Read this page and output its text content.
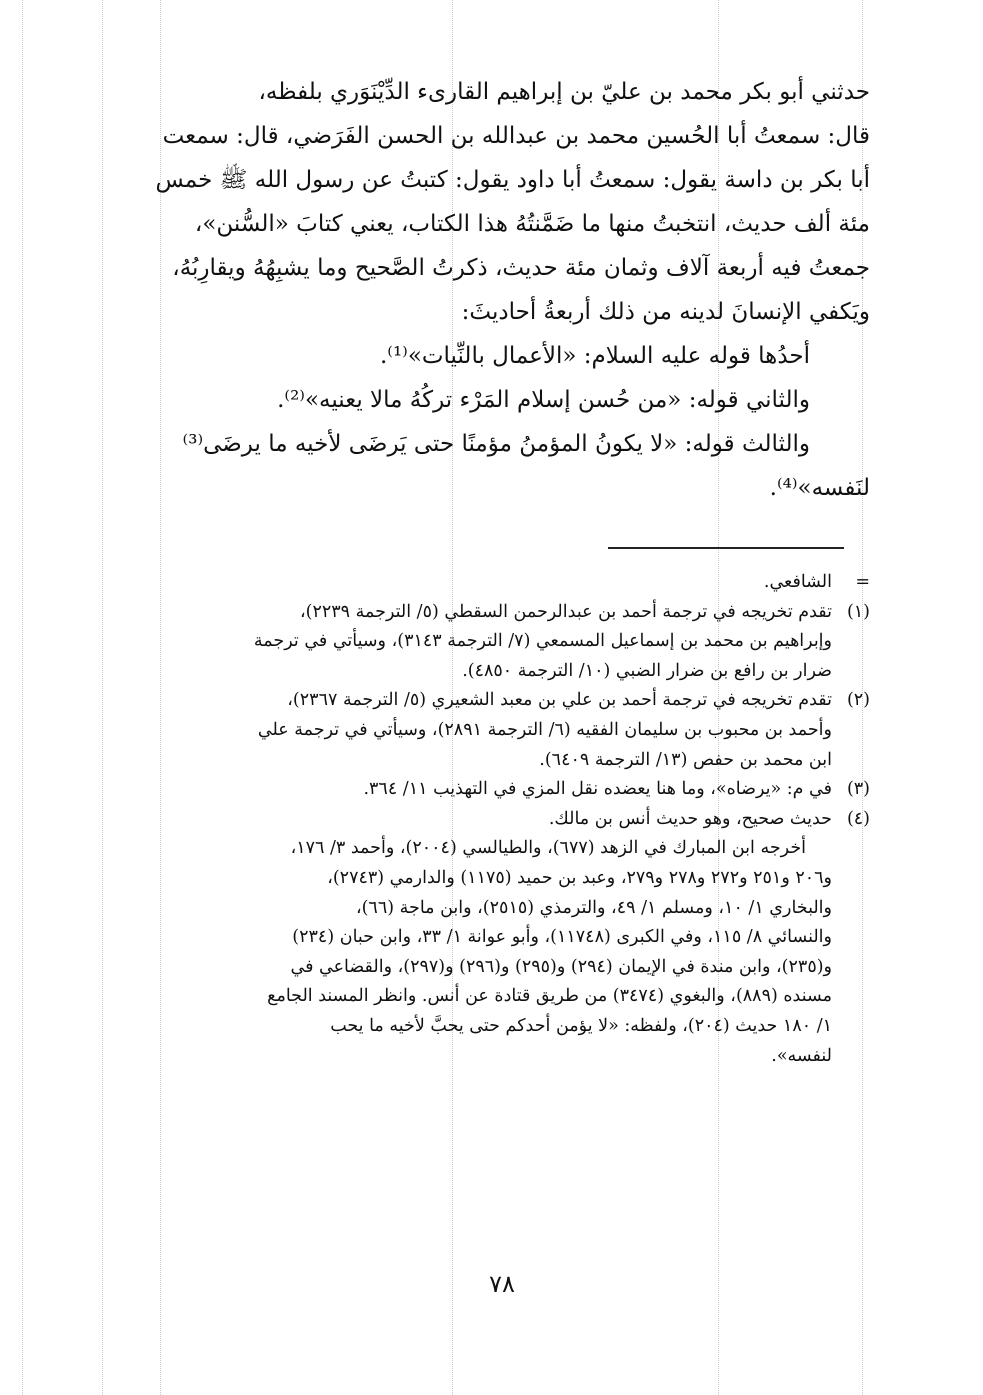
حدثني أبو بكر محمد بن عليّ بن إبراهيم القارىء الدِّيْنَوَري بلفظه،

قال: سمعتُ أبا الحُسين محمد بن عبدالله بن الحسن الفَرَضي، قال: سمعت

أبا بكر بن داسة يقول: سمعتُ أبا داود يقول: كتبتُ عن رسول الله ﷺ خمس

مئة ألف حديث، انتخبتُ منها ما ضَمَّنتُهُ هذا الكتاب، يعني كتابَ «السُّنن»،

جمعتُ فيه أربعة آلاف وثمان مئة حديث، ذكرتُ الصَّحيح وما يشبِهُهُ ويقارِبُهُ،

ويَكفي الإنسانَ لدينه من ذلك أربعةُ أحاديثَ:

أحدُها قوله عليه السلام: «الأعمال بالنِّيات»⁽¹⁾.

والثاني قوله: «من حُسن إسلام المَرْء تركُهُ مالا يعنيه»⁽²⁾.

والثالث قوله: «لا يكونُ المؤمنُ مؤمنًا حتى يَرضَى لأخيه ما يرضَى⁽³⁾

لنَفسه»⁽⁴⁾.

=
الشافعي.
(١)

تقدم تخريجه في ترجمة أحمد بن عبدالرحمن السقطي (٥/ الترجمة ٢٢٣٩)،

وإبراهيم بن محمد بن إسماعيل المسمعي (٧/ الترجمة ٣١٤٣)، وسيأتي في ترجمة

ضرار بن رافع بن ضرار الضبي (١٠/ الترجمة ٤٨٥٠).

(٢)

تقدم تخريجه في ترجمة أحمد بن علي بن معبد الشعيري (٥/ الترجمة ٢٣٦٧)،

وأحمد بن محبوب بن سليمان الفقيه (٦/ الترجمة ٢٨٩١)، وسيأتي في ترجمة علي

ابن محمد بن حفص (١٣/ الترجمة ٦٤٠٩).

(٣)

في م: «يرضاه»، وما هنا يعضده نقل المزي في التهذيب ١١/ ٣٦٤.

(٤)

حديث صحيح، وهو حديث أنس بن مالك.

أخرجه ابن المبارك في الزهد (٦٧٧)، والطيالسي (٢٠٠٤)، وأحمد ٣/ ١٧٦،

و٢٠٦ و٢٥١ و٢٧٢ و٢٧٨ و٢٧٩، وعبد بن حميد (١١٧٥) والدارمي (٢٧٤٣)،

والبخاري ١/ ١٠، ومسلم ١/ ٤٩، والترمذي (٢٥١٥)، وابن ماجة (٦٦)،

والنسائي ٨/ ١١٥، وفي الكبرى (١١٧٤٨)، وأبو عوانة ١/ ٣٣، وابن حبان (٢٣٤)

و(٢٣٥)، وابن مندة في الإيمان (٢٩٤) و(٢٩٥) و(٢٩٦) و(٢٩٧)، والقضاعي في

مسنده (٨٨٩)، والبغوي (٣٤٧٤) من طريق قتادة عن أنس. وانظر المسند الجامع

١/ ١٨٠ حديث (٢٠٤)، ولفظه: «لا يؤمن أحدكم حتى يحبَّ لأخيه ما يحب

لنفسه».

٧٨
